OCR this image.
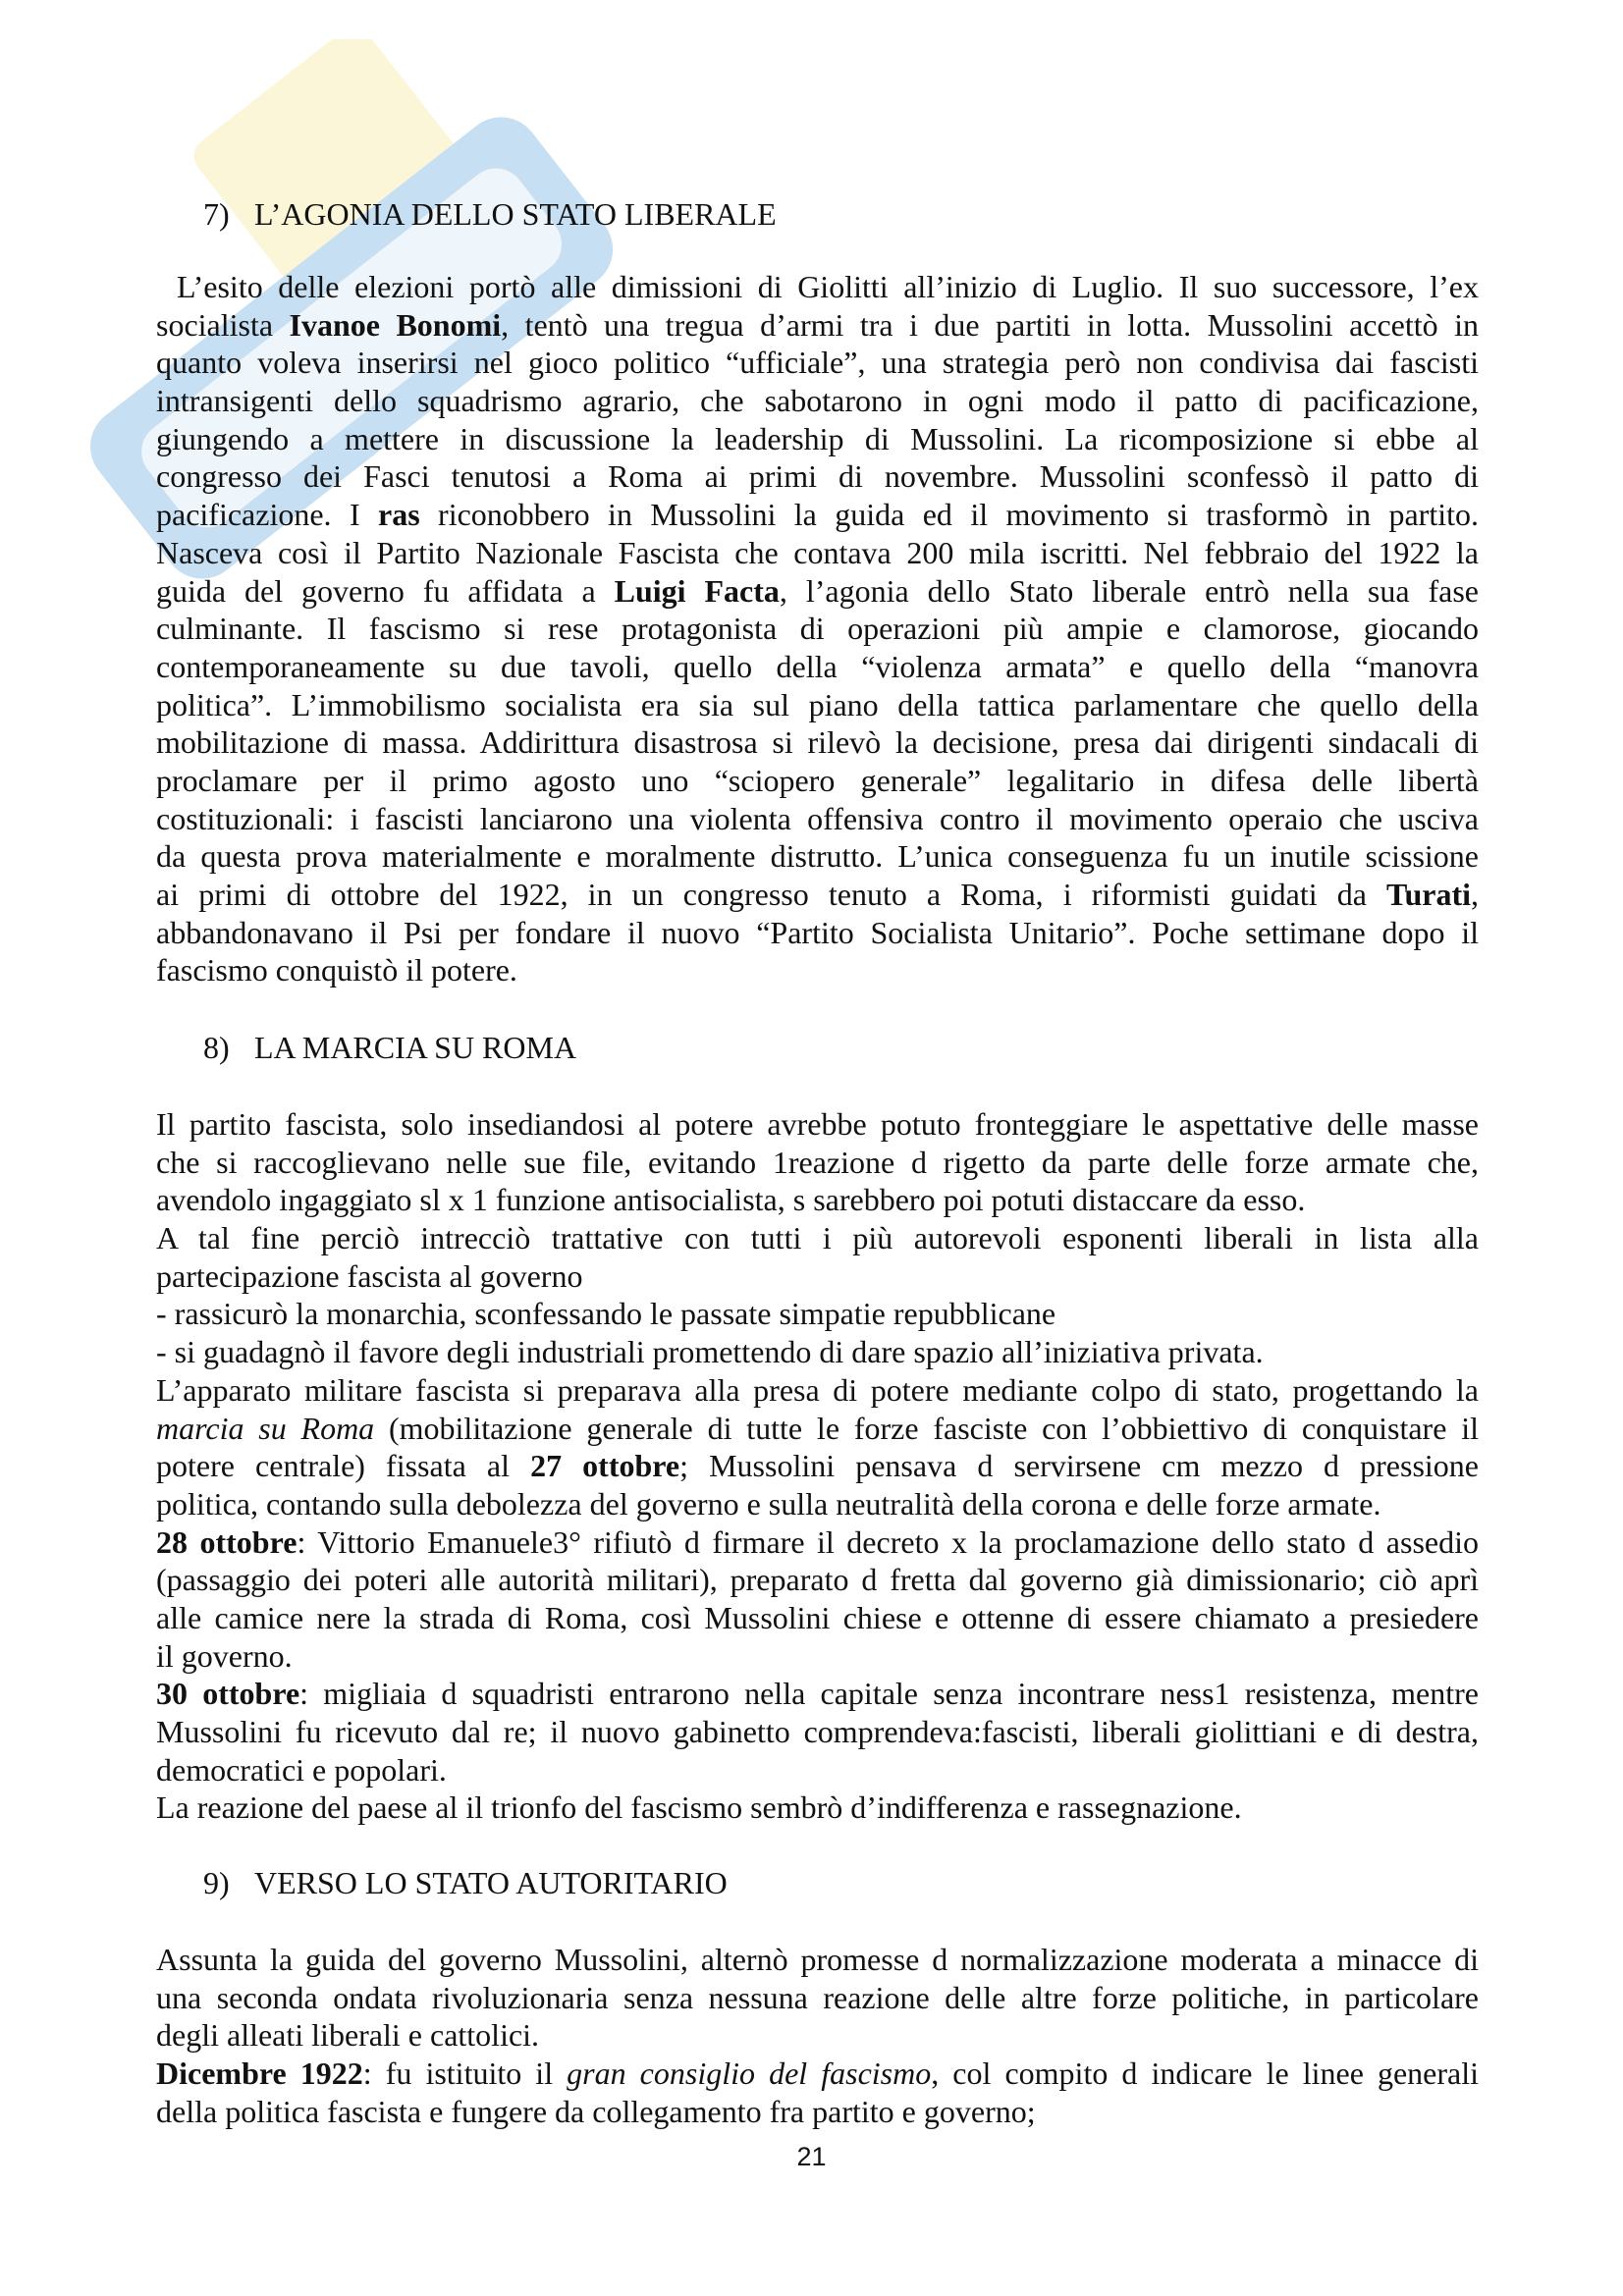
7) L’AGONIA DELLO STATO LIBERALE
L’esito delle elezioni portò alle dimissioni di Giolitti all’inizio di Luglio. Il suo successore, l’ex
socialista Ivanoe Bonomi, tentò una tregua d’armi tra i due partiti in lotta. Mussolini accettò in
quanto voleva inserirsi nel gioco politico “ufficiale”, una strategia però non condivisa dai fascisti
intransigenti dello squadrismo agrario, che sabotarono in ogni modo il patto di pacificazione,
giungendo a mettere in discussione la leadership di Mussolini. La ricomposizione si ebbe al
congresso dei Fasci tenutosi a Roma ai primi di novembre. Mussolini sconfessò il patto di
pacificazione. I ras riconobbero in Mussolini la guida ed il movimento si trasformò in partito.
Nasceva così il Partito Nazionale Fascista che contava 200 mila iscritti. Nel febbraio del 1922 la
guida del governo fu affidata a Luigi Facta, l’agonia dello Stato liberale entrò nella sua fase
culminante. Il fascismo si rese protagonista di operazioni più ampie e clamorose, giocando
contemporaneamente su due tavoli, quello della “violenza armata” e quello della “manovra
politica”. L’immobilismo socialista era sia sul piano della tattica parlamentare che quello della
mobilitazione di massa. Addirittura disastrosa si rilevò la decisione, presa dai dirigenti sindacali di
proclamare per il primo agosto uno “sciopero generale” legalitario in difesa delle libertà
costituzionali: i fascisti lanciarono una violenta offensiva contro il movimento operaio che usciva
da questa prova materialmente e moralmente distrutto. L’unica conseguenza fu un inutile scissione
ai primi di ottobre del 1922, in un congresso tenuto a Roma, i riformisti guidati da Turati,
abbandonavano il Psi per fondare il nuovo “Partito Socialista Unitario”. Poche settimane dopo il
fascismo conquistò il potere.
8) LA MARCIA SU ROMA
Il partito fascista, solo insediandosi al potere avrebbe potuto fronteggiare le aspettative delle masse
che si raccoglievano nelle sue file, evitando 1reazione d rigetto da parte delle forze armate che,
avendolo ingaggiato sl x 1 funzione antisocialista, s sarebbero poi potuti distaccare da esso.
A tal fine perciò intrecciò trattative con tutti i più autorevoli esponenti liberali in lista alla
partecipazione fascista al governo
- rassicurò la monarchia, sconfessando le passate simpatie repubblicane
- si guadagnò il favore degli industriali promettendo di dare spazio all’iniziativa privata.
L’apparato militare fascista si preparava alla presa di potere mediante colpo di stato, progettando la
marcia su Roma (mobilitazione generale di tutte le forze fasciste con l’obbiettivo di conquistare il
potere centrale) fissata al 27 ottobre; Mussolini pensava d servirsene cm mezzo d pressione
politica, contando sulla debolezza del governo e sulla neutralità della corona e delle forze armate.
28 ottobre: Vittorio Emanuele3° rifiutò d firmare il decreto x la proclamazione dello stato d assedio
(passaggio dei poteri alle autorità militari), preparato d fretta dal governo già dimissionario; ciò aprì
alle camice nere la strada di Roma, così Mussolini chiese e ottenne di essere chiamato a presiedere
il governo.
30 ottobre: migliaia d squadristi entrarono nella capitale senza incontrare ness1 resistenza, mentre
Mussolini fu ricevuto dal re; il nuovo gabinetto comprendeva:fascisti, liberali giolittiani e di destra,
democratici e popolari.
La reazione del paese al il trionfo del fascismo sembrò d’indifferenza e rassegnazione.
9) VERSO LO STATO AUTORITARIO
Assunta la guida del governo Mussolini, alternò promesse d normalizzazione moderata a minacce di
una seconda ondata rivoluzionaria senza nessuna reazione delle altre forze politiche, in particolare
degli alleati liberali e cattolici.
Dicembre 1922: fu istituito il gran consiglio del fascismo, col compito d indicare le linee generali
della politica fascista e fungere da collegamento fra partito e governo;
21
